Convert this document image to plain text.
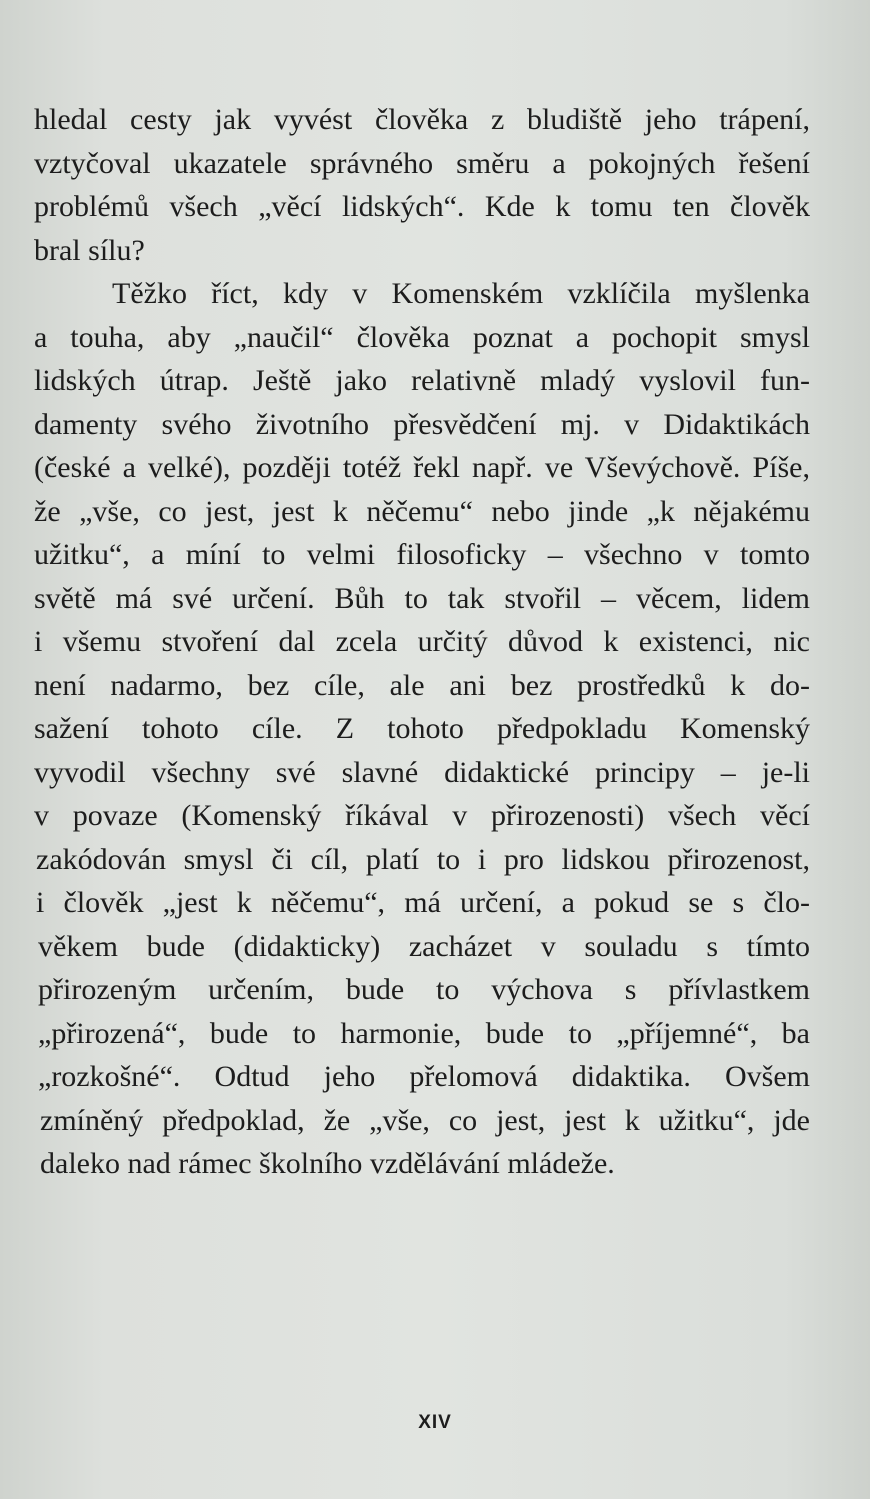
hledal cesty jak vyvést člověka z bludiště jeho trápení,
vztyčoval ukazatele správného směru a pokojných řešení
problémů všech „věcí lidských“. Kde k tomu ten člověk
bral sílu?
Těžko říct, kdy v Komenském vzklíčila myšlenka
a touha, aby „naučil“ člověka poznat a pochopit smysl
lidských útrap. Ještě jako relativně mladý vyslovil fun-
damenty svého životního přesvědčení mj. v Didaktikách
(české a velké), později totéž řekl např. ve Vševýchově. Píše,
že „vše, co jest, jest k něčemu“ nebo jinde „k nějakému
užitku“, a míní to velmi filosoficky – všechno v tomto
světě má své určení. Bůh to tak stvořil – věcem, lidem
i všemu stvoření dal zcela určitý důvod k existenci, nic
není nadarmo, bez cíle, ale ani bez prostředků k do-
sažení tohoto cíle. Z tohoto předpokladu Komenský
vyvodil všechny své slavné didaktické principy – je-li
v povaze (Komenský říkával v přirozenosti) všech věcí
zakódován smysl či cíl, platí to i pro lidskou přirozenost,
i člověk „jest k něčemu“, má určení, a pokud se s člo-
věkem bude (didakticky) zacházet v souladu s tímto
přirozeným určením, bude to výchova s přívlastkem
„přirozená“, bude to harmonie, bude to „příjemné“, ba
„rozkošné“. Odtud jeho přelomová didaktika. Ovšem
zmíněný předpoklad, že „vše, co jest, jest k užitku“, jde
daleko nad rámec školního vzdělávání mládeže.
XIV
